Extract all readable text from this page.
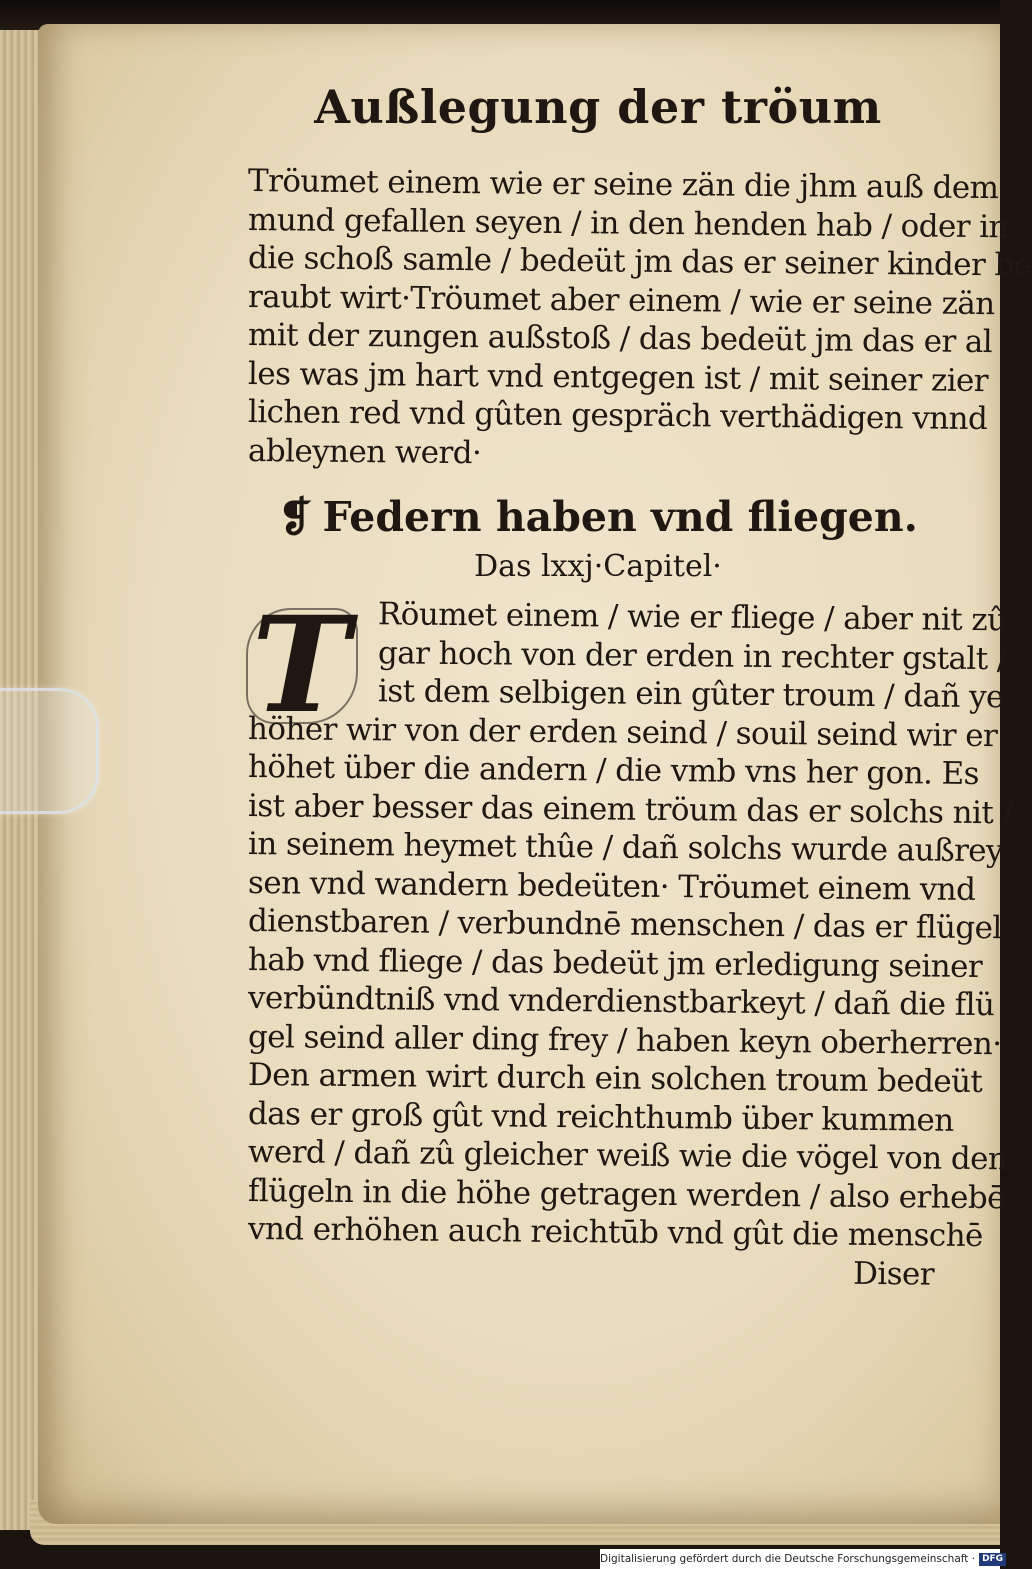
Außlegung der tröum
Tröumet einem wie er seine zän die jhm auß dem
mund gefallen seyen / in den henden hab / oder in
die schoß samle / bedeüt jm das er seiner kinder be
raubt wirt·Tröumet aber einem / wie er seine zän
mit der zungen außstoß / das bedeüt jm das er al
les was jm hart vnd entgegen ist / mit seiner zier
lichen red vnd gûten gespräch verthädigen vnnd
ableynen werd·
❡ Federn haben vnd fliegen.
Das lxxj·Capitel·
T Röumet einem / wie er fliege / aber nit zû
gar hoch von der erden in rechter gstalt /
ist dem selbigen ein gûter troum / dañ ye
höher wir von der erden seind / souil seind wir er
höhet über die andern / die vmb vns her gon. Es
ist aber besser das einem tröum das er solchs nit /
in seinem heymet thûe / dañ solchs wurde außrey
sen vnd wandern bedeüten· Tröumet einem vnd
dienstbaren / verbundnē menschen / das er flügel
hab vnd fliege / das bedeüt jm erledigung seiner
verbündtniß vnd vnderdienstbarkeyt / dañ die flü
gel seind aller ding frey / haben keyn oberherren·
Den armen wirt durch ein solchen troum bedeüt
das er groß gût vnd reichthumb über kummen
werd / dañ zû gleicher weiß wie die vögel von den
flügeln in die höhe getragen werden / also erhebē
vnd erhöhen auch reichtūb vnd gût die menschē
Diser
Digitalisierung gefördert durch die Deutsche Forschungsgemeinschaft · DFG
